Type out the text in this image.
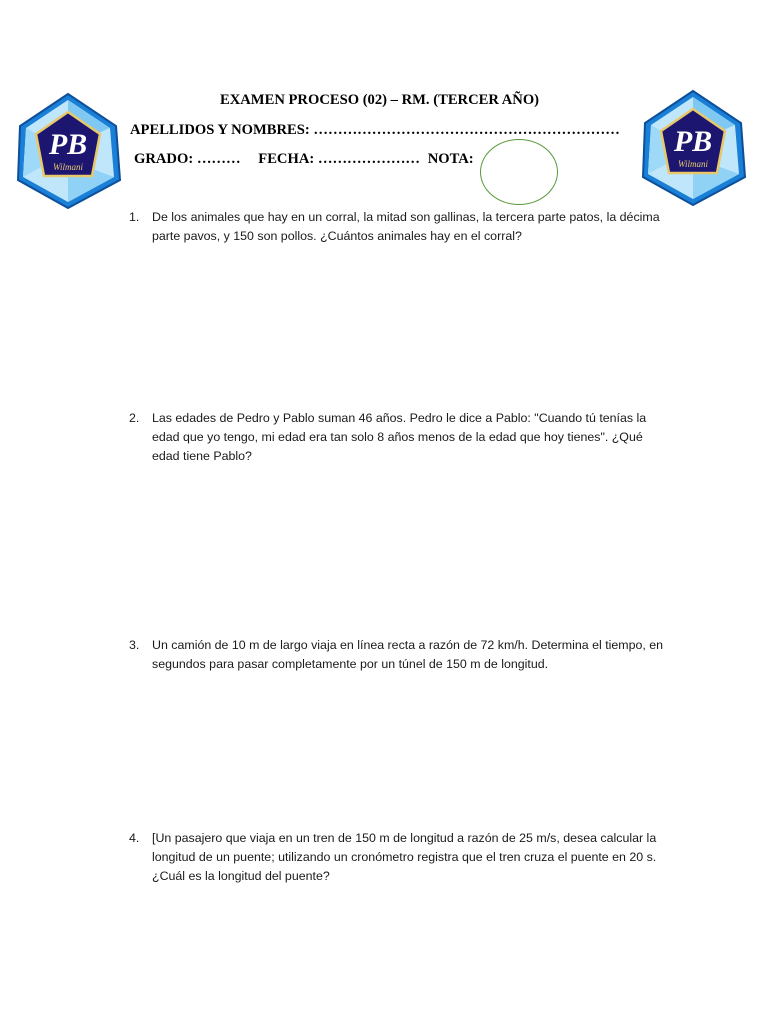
PB
Wilmani
PB
Wilmani
EXAMEN PROCESO (02) – RM. (TERCER AÑO)
APELLIDOS Y NOMBRES: ………………………………………………………
GRADO: ……… FECHA: ………………… NOTA:
1. De los animales que hay en un corral, la mitad son gallinas, la tercera parte patos, la décima parte pavos, y 150 son pollos. ¿Cuántos animales hay en el corral?
2. Las edades de Pedro y Pablo suman 46 años. Pedro le dice a Pablo: "Cuando tú tenías la edad que yo tengo, mi edad era tan solo 8 años menos de la edad que hoy tienes". ¿Qué edad tiene Pablo?
3. Un camión de 10 m de largo viaja en línea recta a razón de 72 km/h. Determina el tiempo, en segundos para pasar completamente por un túnel de 150 m de longitud.
4. [Un pasajero que viaja en un tren de 150 m de longitud a razón de 25 m/s, desea calcular la longitud de un puente; utilizando un cronómetro registra que el tren cruza el puente en 20 s. ¿Cuál es la longitud del puente?
